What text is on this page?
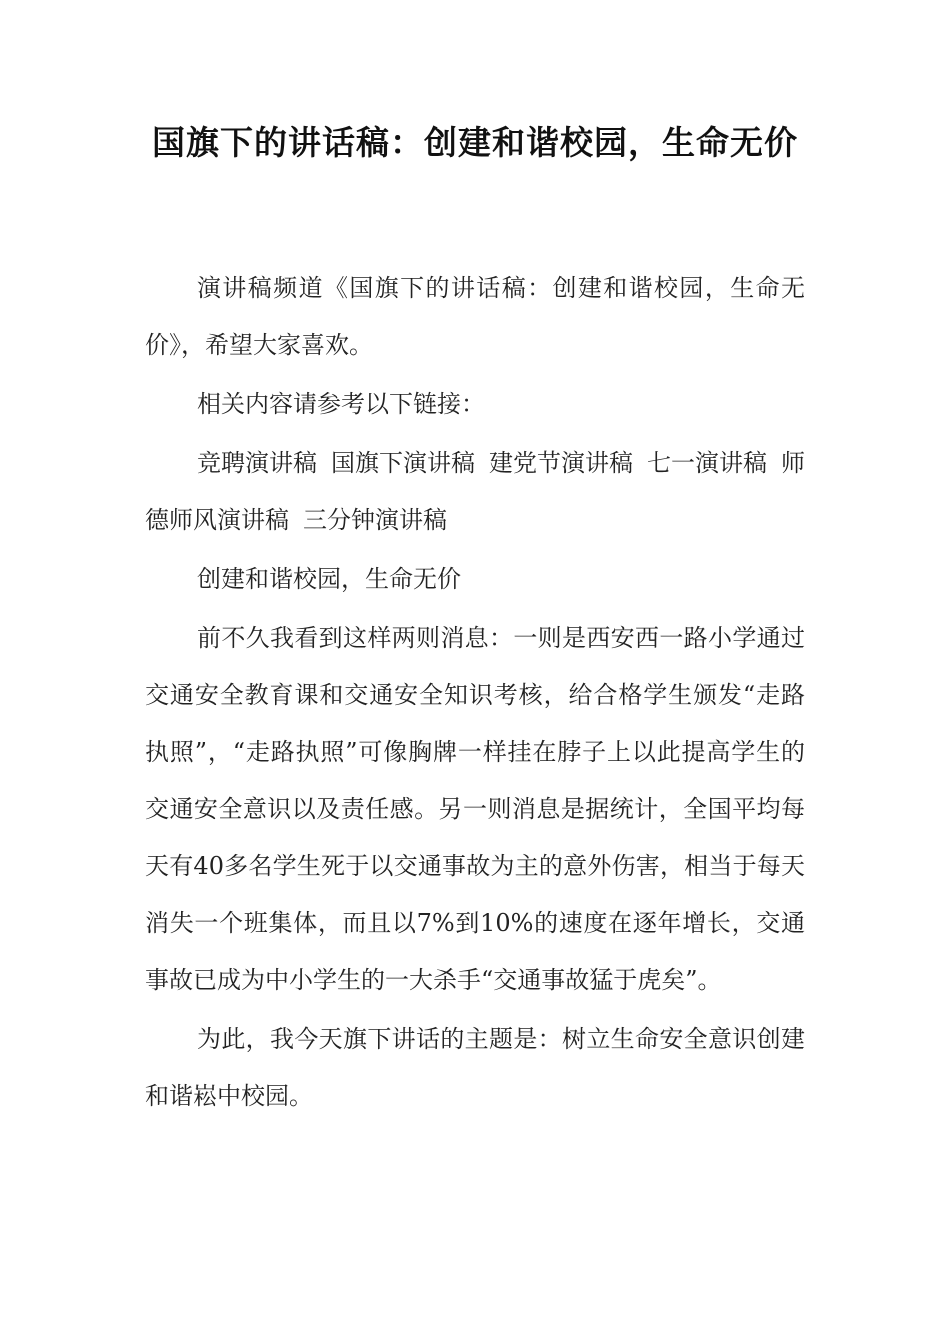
国旗下的讲话稿：创建和谐校园，生命无价

演讲稿频道《国旗下的讲话稿：创建和谐校园，生命无价》，希望大家喜欢。

相关内容请参考以下链接：

竞聘演讲稿 国旗下演讲稿 建党节演讲稿 七一演讲稿 师德师风演讲稿 三分钟演讲稿

创建和谐校园，生命无价

前不久我看到这样两则消息：一则是西安西一路小学通过交通安全教育课和交通安全知识考核，给合格学生颁发“走路执照”，“走路执照”可像胸牌一样挂在脖子上以此提高学生的交通安全意识以及责任感。另一则消息是据统计，全国平均每天有40多名学生死于以交通事故为主的意外伤害，相当于每天消失一个班集体，而且以7%到10%的速度在逐年增长，交通事故已成为中小学生的一大杀手“交通事故猛于虎矣”。

为此，我今天旗下讲话的主题是：树立生命安全意识创建和谐崧中校园。
